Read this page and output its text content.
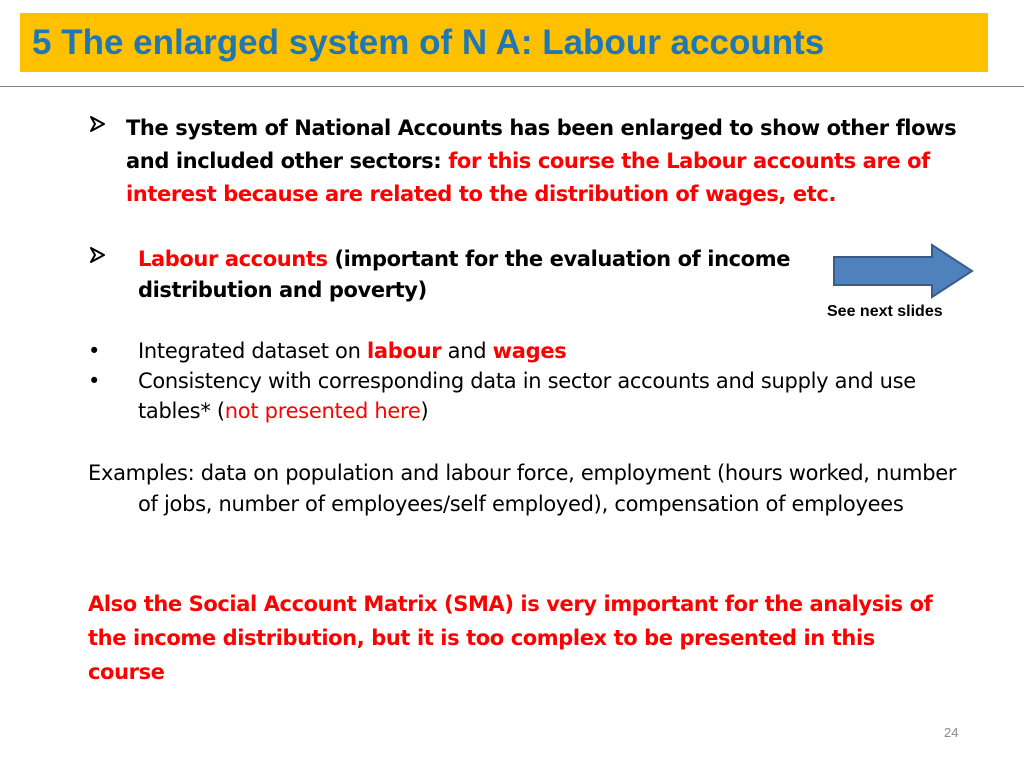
5 The enlarged system of N A: Labour accounts
The system of National Accounts has been enlarged to show other flows and included other sectors: for this course the Labour accounts are of interest because are related to the distribution of wages, etc.
Labour accounts (important for the evaluation of income distribution and poverty)
See next slides
• Integrated dataset on labour and wages
• Consistency with corresponding data in sector accounts and supply and use tables* (not presented here)
Examples: data on population and labour force, employment (hours worked, number of jobs, number of employees/self employed), compensation of employees
Also the Social Account Matrix (SMA) is very important for the analysis of the income distribution, but it is too complex to be presented in this course
24
